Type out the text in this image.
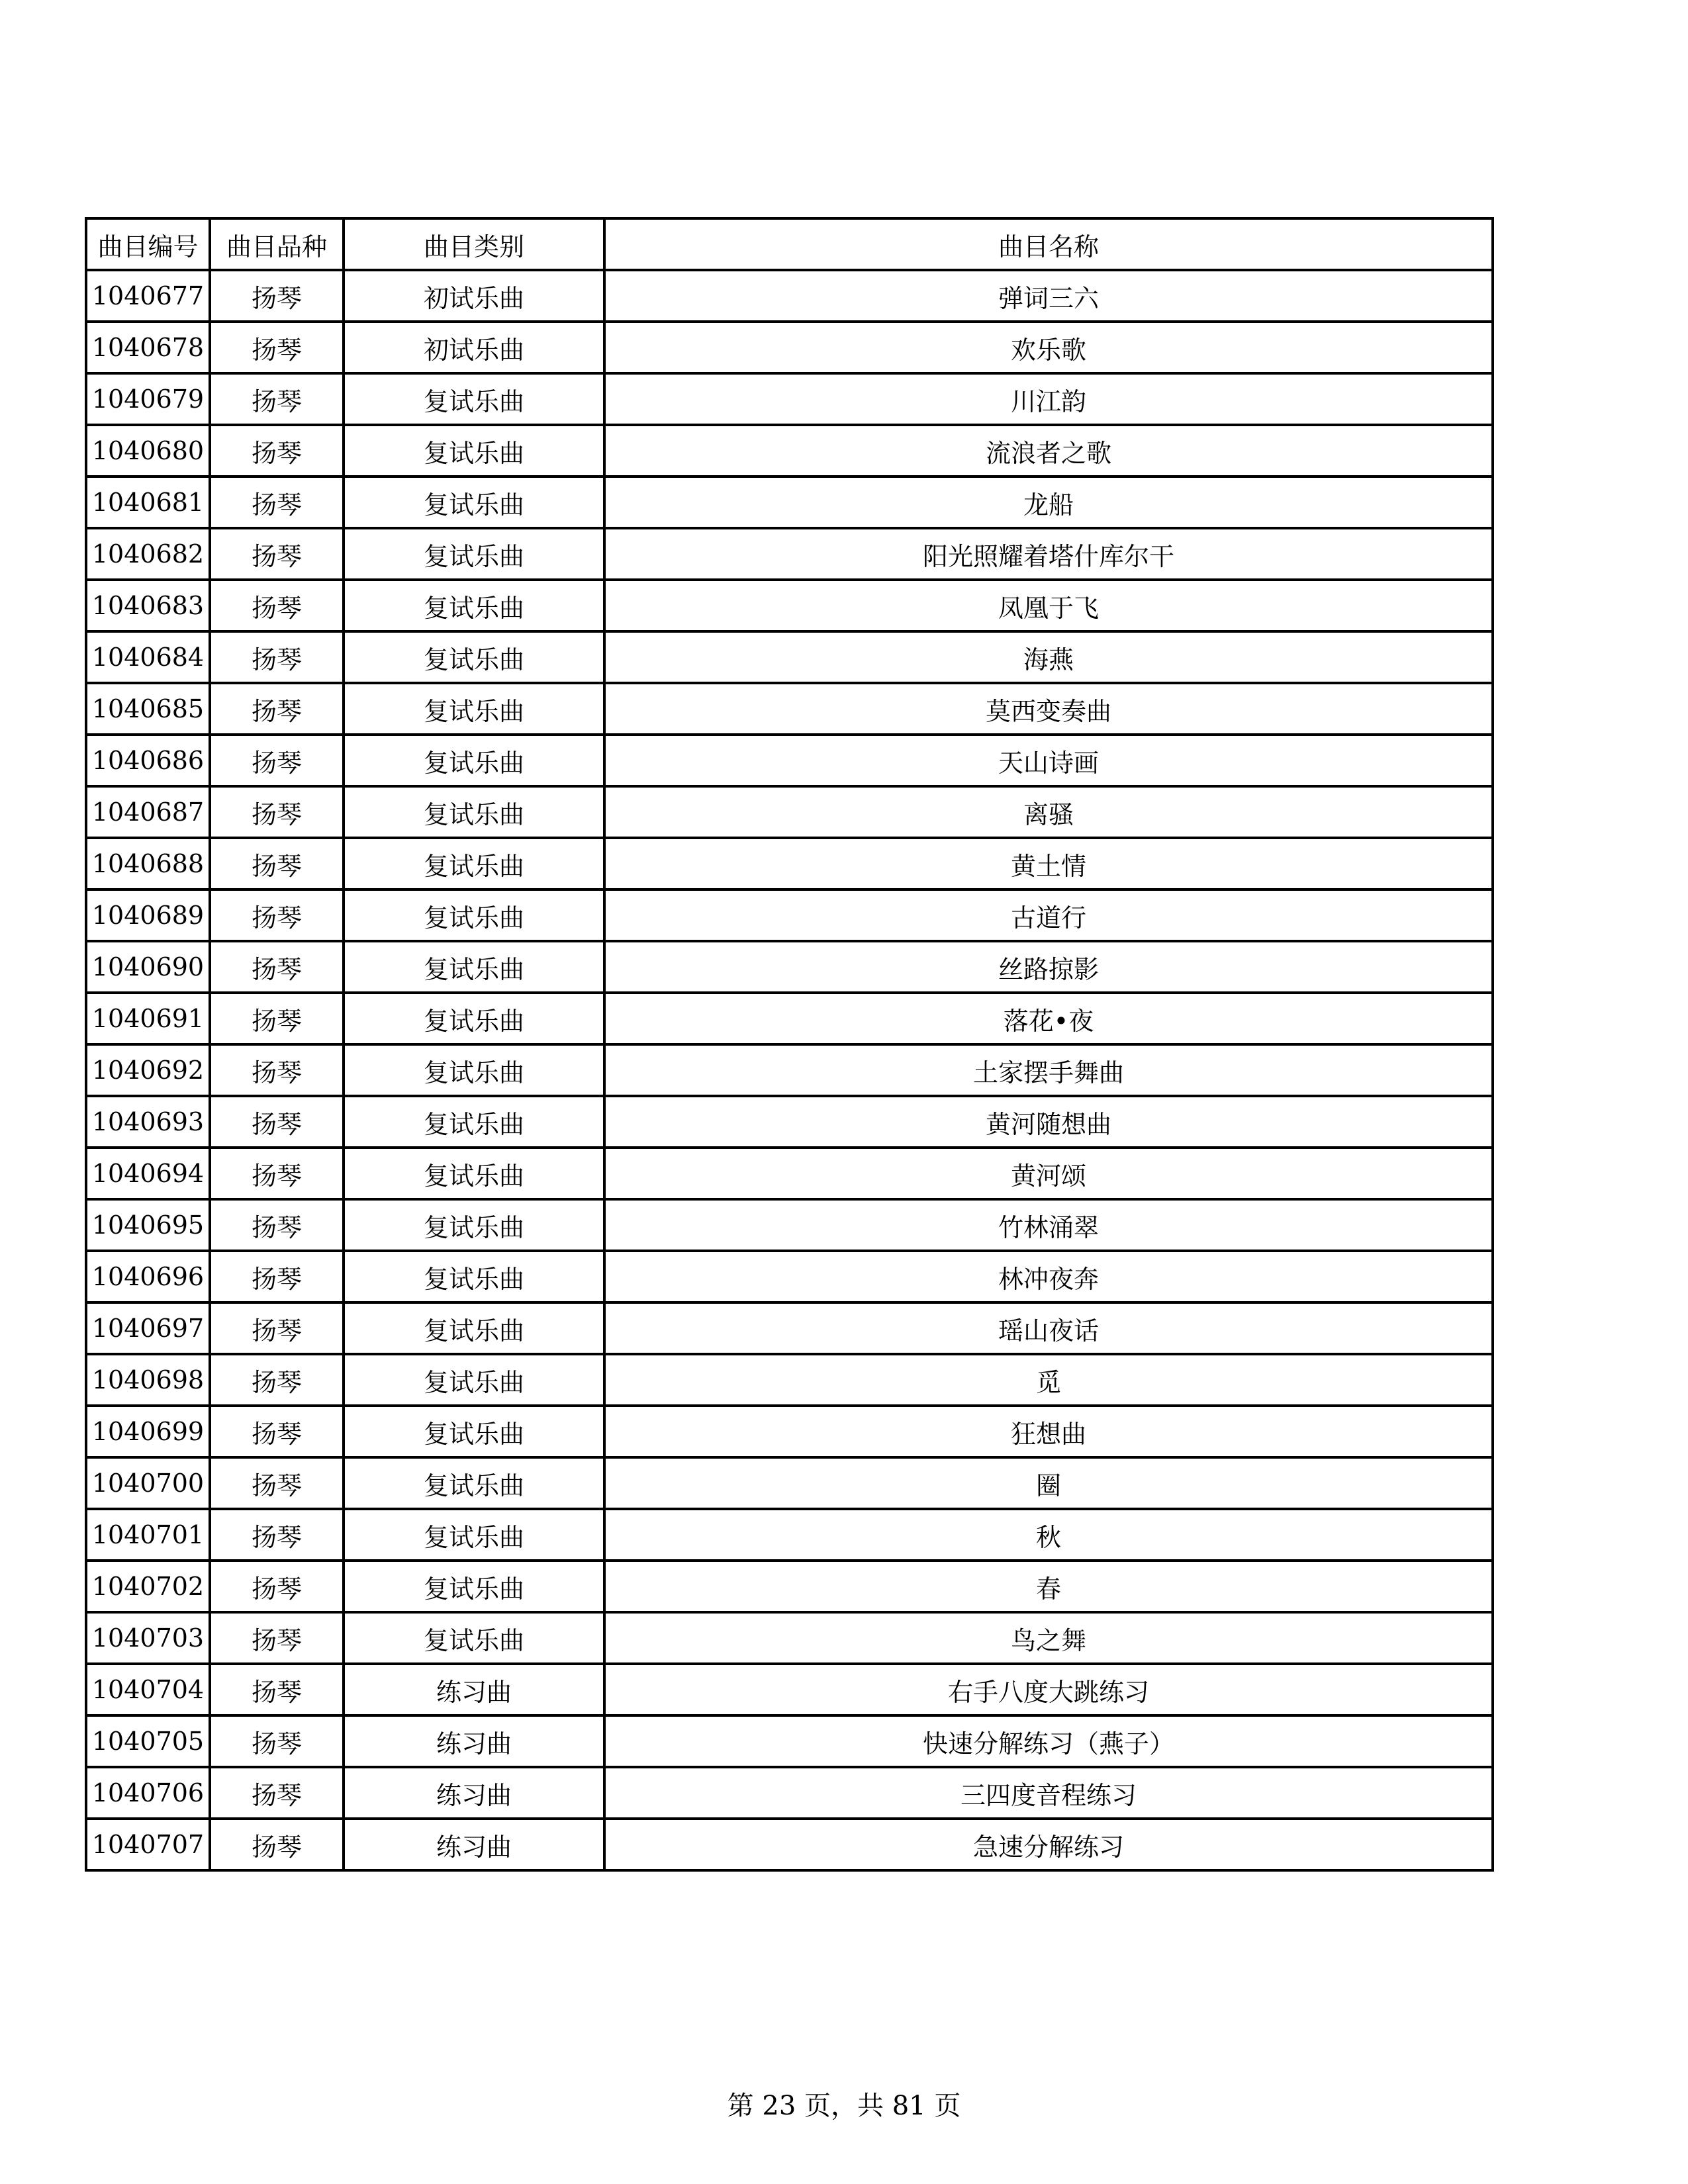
曲目编号	曲目品种	曲目类别	曲目名称
1040677	扬琴	初试乐曲	弹词三六
1040678	扬琴	初试乐曲	欢乐歌
1040679	扬琴	复试乐曲	川江韵
1040680	扬琴	复试乐曲	流浪者之歌
1040681	扬琴	复试乐曲	龙船
1040682	扬琴	复试乐曲	阳光照耀着塔什库尔干
1040683	扬琴	复试乐曲	凤凰于飞
1040684	扬琴	复试乐曲	海燕
1040685	扬琴	复试乐曲	莫西变奏曲
1040686	扬琴	复试乐曲	天山诗画
1040687	扬琴	复试乐曲	离骚
1040688	扬琴	复试乐曲	黄土情
1040689	扬琴	复试乐曲	古道行
1040690	扬琴	复试乐曲	丝路掠影
1040691	扬琴	复试乐曲	落花•夜
1040692	扬琴	复试乐曲	土家摆手舞曲
1040693	扬琴	复试乐曲	黄河随想曲
1040694	扬琴	复试乐曲	黄河颂
1040695	扬琴	复试乐曲	竹林涌翠
1040696	扬琴	复试乐曲	林冲夜奔
1040697	扬琴	复试乐曲	瑶山夜话
1040698	扬琴	复试乐曲	觅
1040699	扬琴	复试乐曲	狂想曲
1040700	扬琴	复试乐曲	圈
1040701	扬琴	复试乐曲	秋
1040702	扬琴	复试乐曲	春
1040703	扬琴	复试乐曲	鸟之舞
1040704	扬琴	练习曲	右手八度大跳练习
1040705	扬琴	练习曲	快速分解练习（燕子）
1040706	扬琴	练习曲	三四度音程练习
1040707	扬琴	练习曲	急速分解练习
第 23 页，共 81 页
